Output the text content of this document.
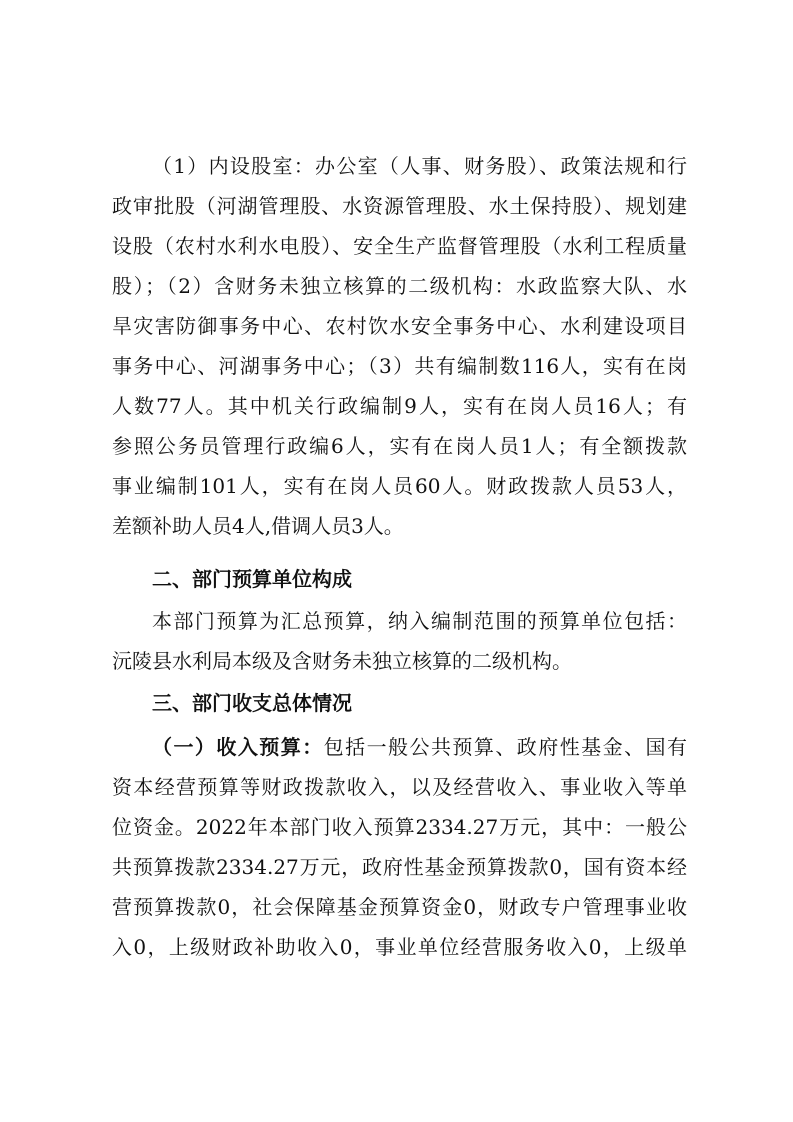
（1）内设股室：办公室（人事、财务股）、政策法规和行
政审批股（河湖管理股、水资源管理股、水土保持股）、规划建
设股（农村水利水电股）、安全生产监督管理股（水利工程质量
股）；（2）含财务未独立核算的二级机构：水政监察大队、水
旱灾害防御事务中心、农村饮水安全事务中心、水利建设项目
事务中心、河湖事务中心；（3）共有编制数116人，实有在岗
人数77人。其中机关行政编制9人，实有在岗人员16人；有
参照公务员管理行政编6人，实有在岗人员1人；有全额拨款
事业编制101人，实有在岗人员60人。财政拨款人员53人，
差额补助人员4人,借调人员3人。
二、部门预算单位构成
本部门预算为汇总预算，纳入编制范围的预算单位包括：
沅陵县水利局本级及含财务未独立核算的二级机构。
三、部门收支总体情况
（一）收入预算：包括一般公共预算、政府性基金、国有
资本经营预算等财政拨款收入，以及经营收入、事业收入等单
位资金。2022年本部门收入预算2334.27万元，其中：一般公
共预算拨款2334.27万元，政府性基金预算拨款0，国有资本经
营预算拨款0，社会保障基金预算资金0，财政专户管理事业收
入0，上级财政补助收入0，事业单位经营服务收入0，上级单
